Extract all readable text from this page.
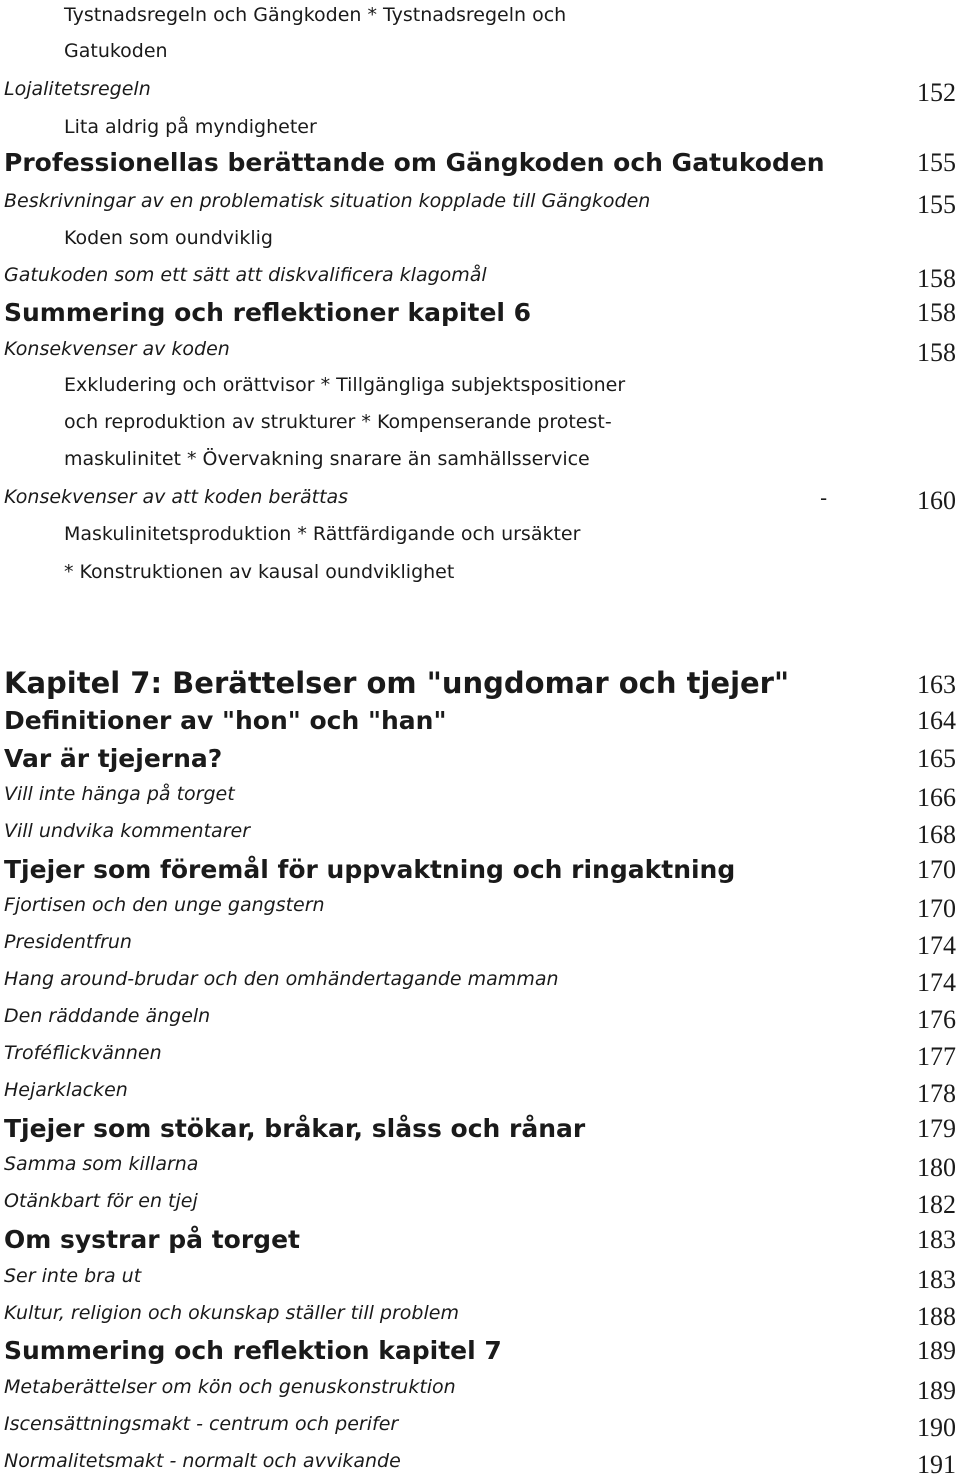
Tystnadsregeln och Gängkoden * Tystnadsregeln och
Gatukoden
Lojalitetsregeln	152
Lita aldrig på myndigheter
Professionellas berättande om Gängkoden och Gatukoden	155
Beskrivningar av en problematisk situation kopplade till Gängkoden	155
Koden som oundviklig
Gatukoden som ett sätt att diskvalificera klagomål	158
Summering och reflektioner kapitel 6	158
Konsekvenser av koden	158
Exkludering och orättvisor * Tillgängliga subjektspositioner
och reproduktion av strukturer * Kompenserande protest-
maskulinitet * Övervakning snarare än samhällsservice
Konsekvenser av att koden berättas	-	160
Maskulinitetsproduktion * Rättfärdigande och ursäkter
* Konstruktionen av kausal oundviklighet
Kapitel 7: Berättelser om "ungdomar och tjejer"	163
Definitioner av "hon" och "han"	164
Var är tjejerna?	165
Vill inte hänga på torget	166
Vill undvika kommentarer	168
Tjejer som föremål för uppvaktning och ringaktning	170
Fjortisen och den unge gangstern	170
Presidentfrun	174
Hang around-brudar och den omhändertagande mamman	174
Den räddande ängeln	176
Troféflickvännen	177
Hejarklacken	178
Tjejer som stökar, bråkar, slåss och rånar	179
Samma som killarna	180
Otänkbart för en tjej	182
Om systrar på torget	183
Ser inte bra ut	183
Kultur, religion och okunskap ställer till problem	188
Summering och reflektion kapitel 7	189
Metaberättelser om kön och genuskonstruktion	189
Iscensättningsmakt - centrum och perifer	190
Normalitetsmakt - normalt och avvikande	191
